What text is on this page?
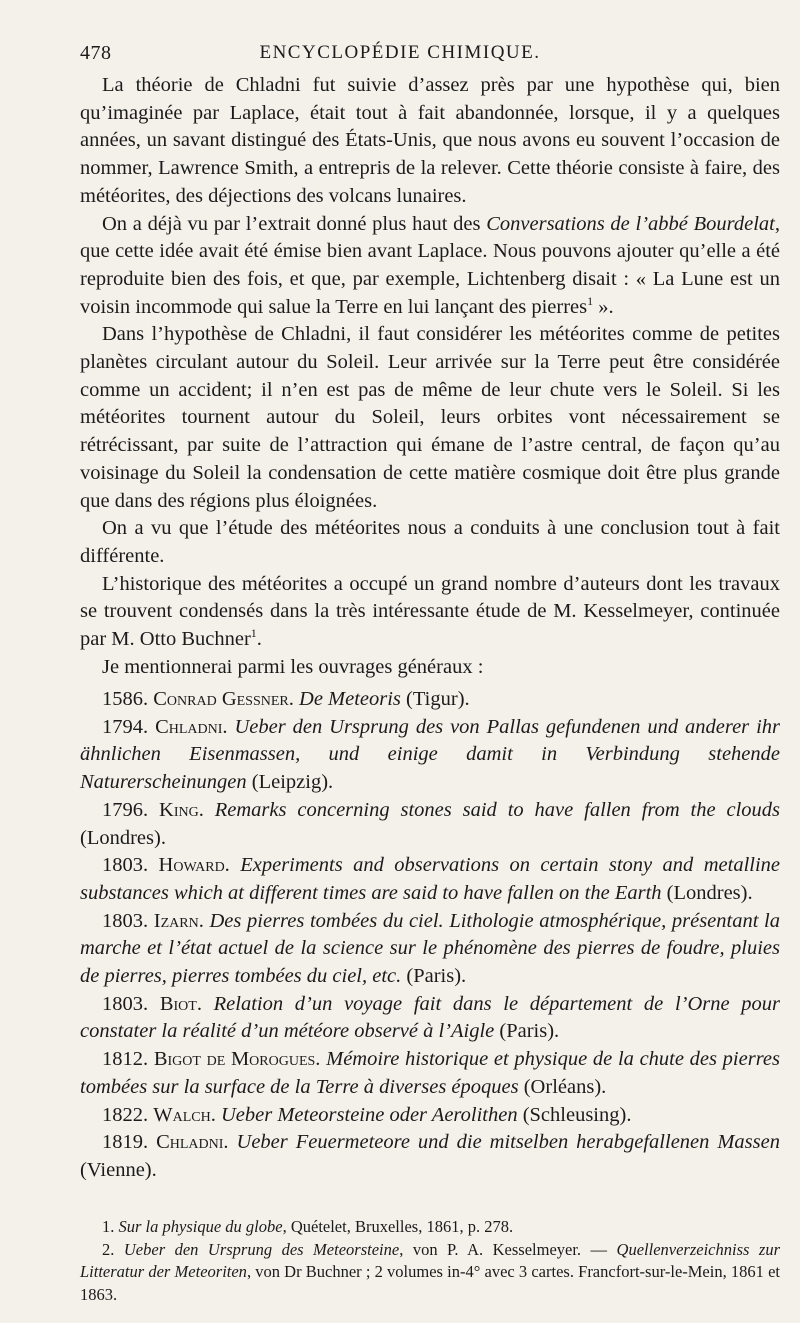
478	ENCYCLOPÉDIE CHIMIQUE.

La théorie de Chladni fut suivie d’assez près par une hypothèse qui, bien qu’imaginée par Laplace, était tout à fait abandonnée, lorsque, il y a quelques années, un savant distingué des États-Unis, que nous avons eu souvent l’occasion de nommer, Lawrence Smith, a entrepris de la relever. Cette théorie consiste à faire, des météorites, des déjections des volcans lunaires.

On a déjà vu par l’extrait donné plus haut des Conversations de l’abbé Bourdelat, que cette idée avait été émise bien avant Laplace. Nous pouvons ajouter qu’elle a été reproduite bien des fois, et que, par exemple, Lichtenberg disait : « La Lune est un voisin incommode qui salue la Terre en lui lançant des pierres$^1$ ».

Dans l’hypothèse de Chladni, il faut considérer les météorites comme de petites planètes circulant autour du Soleil. Leur arrivée sur la Terre peut être considérée comme un accident; il n’en est pas de même de leur chute vers le Soleil. Si les météorites tournent autour du Soleil, leurs orbites vont nécessairement se rétrécissant, par suite de l’attraction qui émane de l’astre central, de façon qu’au voisinage du Soleil la condensation de cette matière cosmique doit être plus grande que dans des régions plus éloignées.

On a vu que l’étude des météorites nous a conduits à une conclusion tout à fait différente.

L’historique des météorites a occupé un grand nombre d’auteurs dont les travaux se trouvent condensés dans la très intéressante étude de M. Kesselmeyer, continuée par M. Otto Buchner$^1$.

Je mentionnerai parmi les ouvrages généraux :

1586. Conrad Gessner. De Meteoris (Tigur).

1794. Chladni. Ueber den Ursprung des von Pallas gefundenen und anderer ihr ähnlichen Eisenmassen, und einige damit in Verbindung stehende Naturerscheinungen (Leipzig).

1796. King. Remarks concerning stones said to have fallen from the clouds (Londres).

1803. Howard. Experiments and observations on certain stony and metalline substances which at different times are said to have fallen on the Earth (Londres).

1803. Izarn. Des pierres tombées du ciel. Lithologie atmosphérique, présentant la marche et l’état actuel de la science sur le phénomène des pierres de foudre, pluies de pierres, pierres tombées du ciel, etc. (Paris).

1803. Biot. Relation d’un voyage fait dans le département de l’Orne pour constater la réalité d’un météore observé à l’Aigle (Paris).

1812. Bigot de Morogues. Mémoire historique et physique de la chute des pierres tombées sur la surface de la Terre à diverses époques (Orléans).

1822. Walch. Ueber Meteorsteine oder Aerolithen (Schleusing).

1819. Chladni. Ueber Feuermeteore und die mitselben herabgefallenen Massen (Vienne).

1. Sur la physique du globe, Quételet, Bruxelles, 1861, p. 278.

2. Ueber den Ursprung des Meteorsteine, von P. A. Kesselmeyer. — Quellenverzeichniss zur Litteratur der Meteoriten, von Dr Buchner ; 2 volumes in-4° avec 3 cartes. Francfort-sur-le-Mein, 1861 et 1863.
